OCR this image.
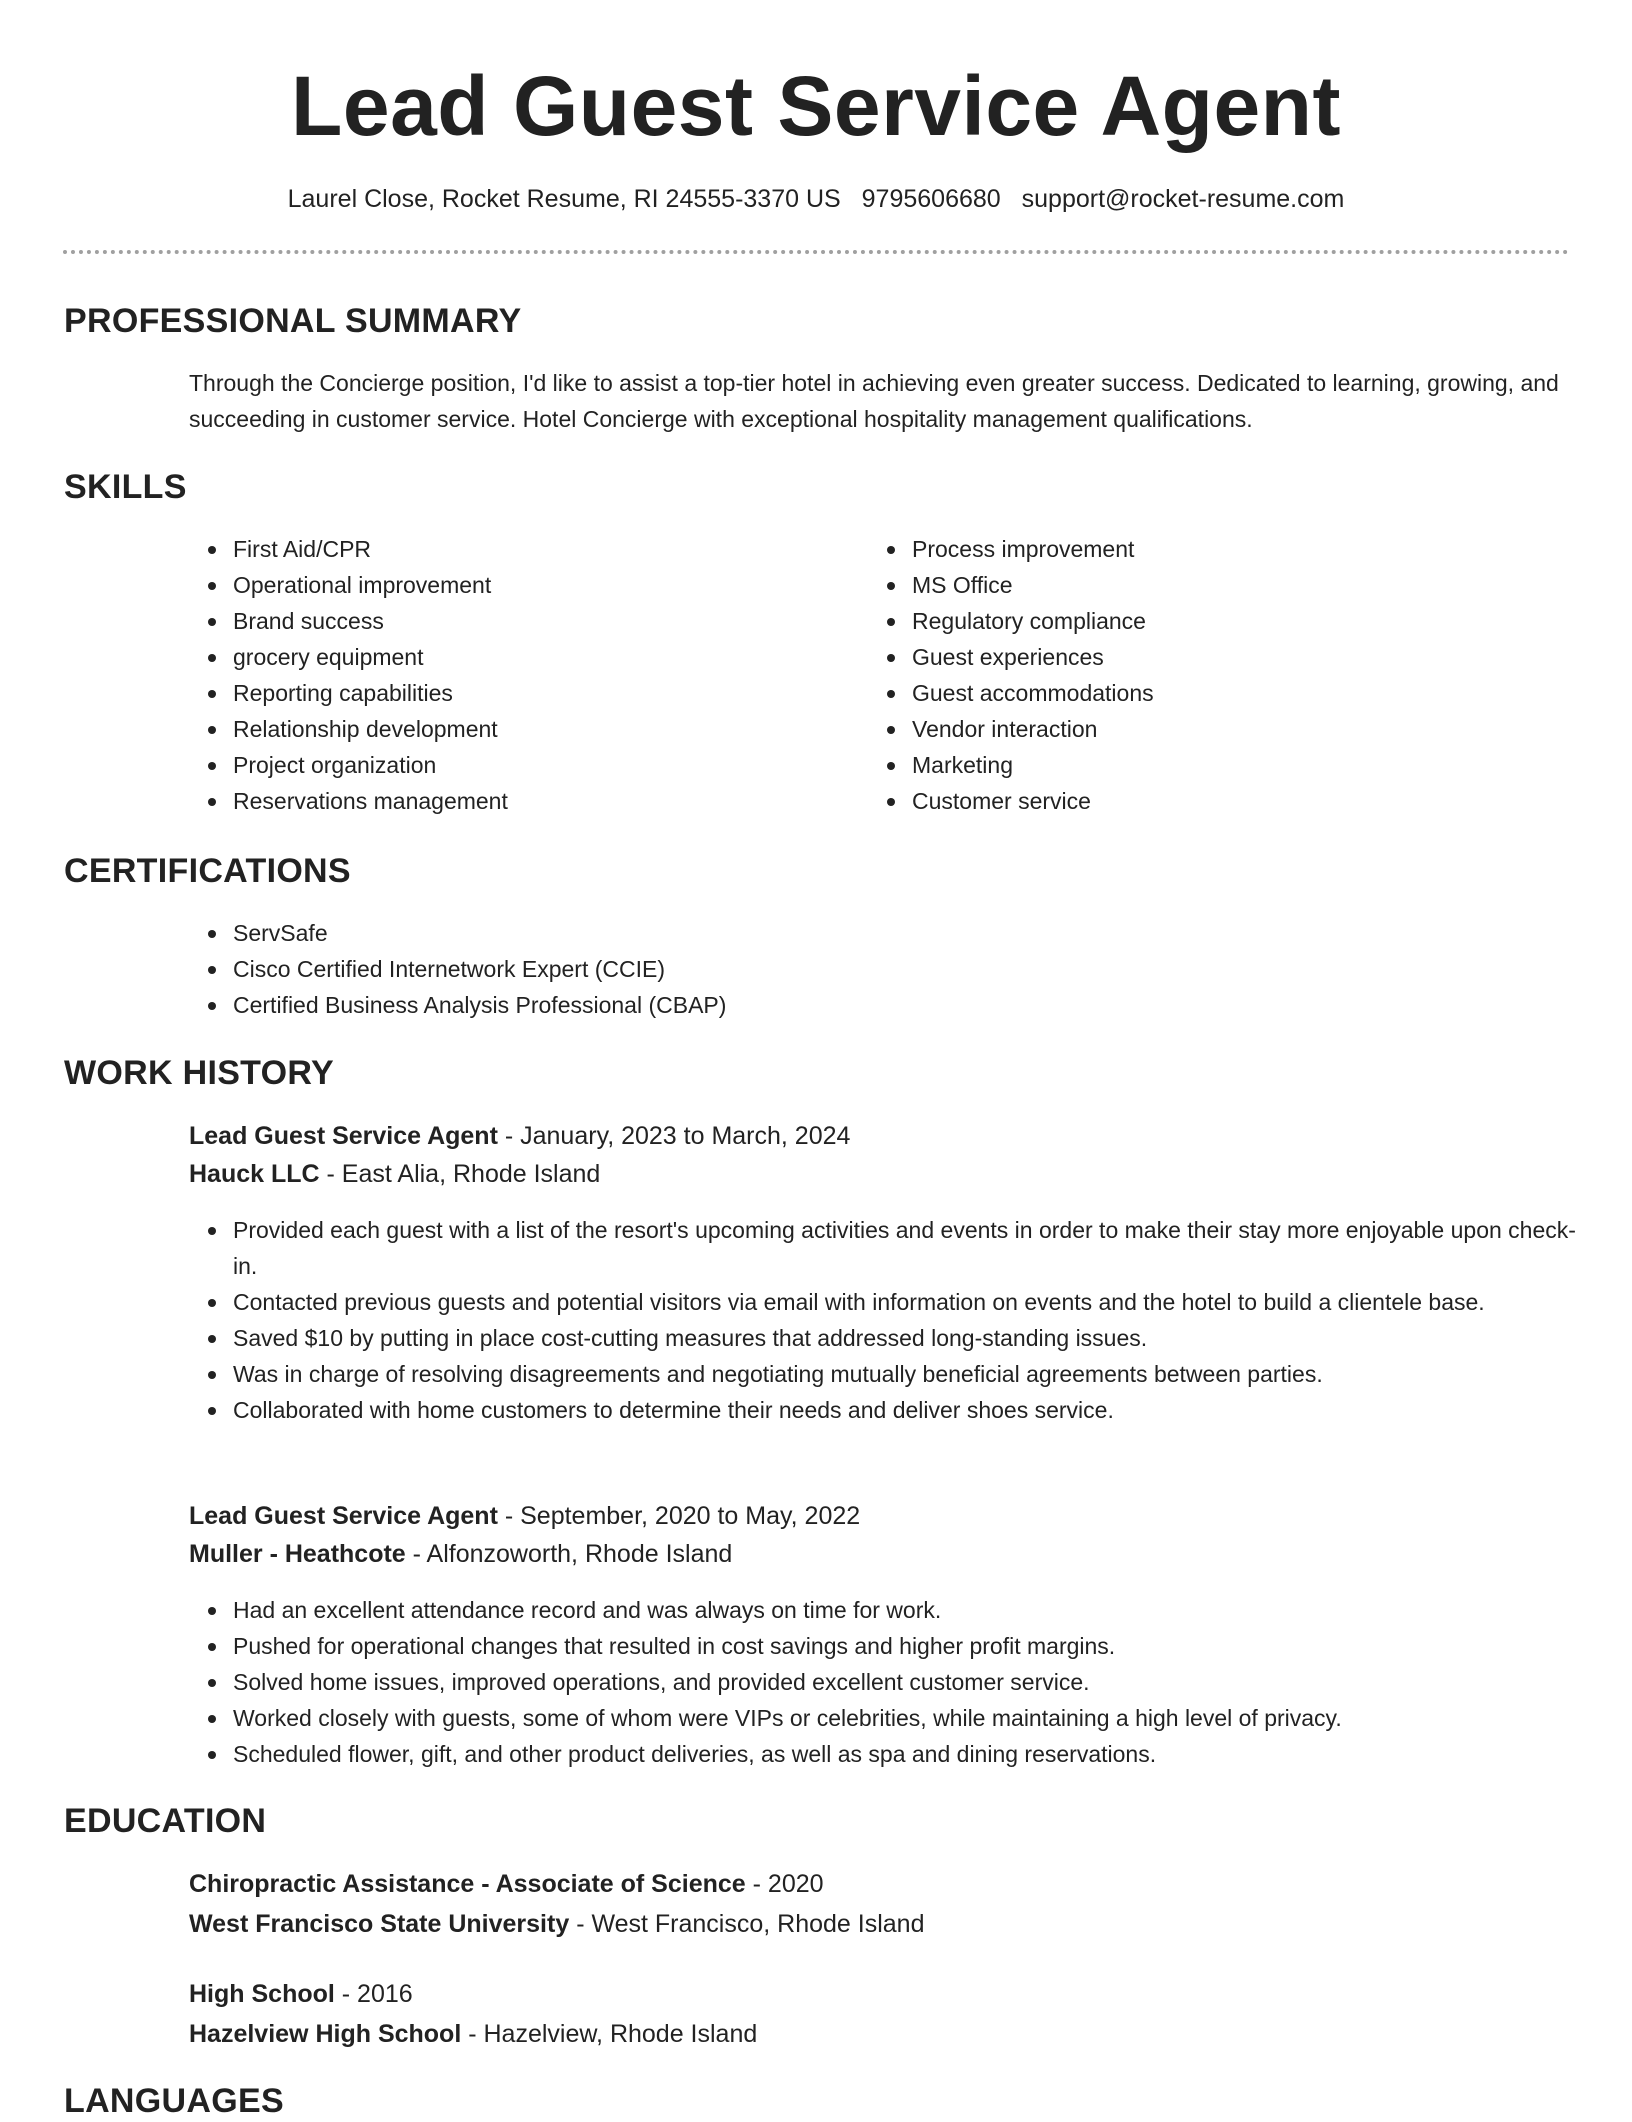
Lead Guest Service Agent
Laurel Close, Rocket Resume, RI 24555-3370 US 9795606680 support@rocket-resume.com
PROFESSIONAL SUMMARY
Through the Concierge position, I'd like to assist a top-tier hotel in achieving even greater success. Dedicated to learning, growing, and succeeding in customer service. Hotel Concierge with exceptional hospitality management qualifications.
SKILLS
First Aid/CPR
Operational improvement
Brand success
grocery equipment
Reporting capabilities
Relationship development
Project organization
Reservations management
Process improvement
MS Office
Regulatory compliance
Guest experiences
Guest accommodations
Vendor interaction
Marketing
Customer service
CERTIFICATIONS
ServSafe
Cisco Certified Internetwork Expert (CCIE)
Certified Business Analysis Professional (CBAP)
WORK HISTORY
Lead Guest Service Agent - January, 2023 to March, 2024
Hauck LLC - East Alia, Rhode Island
Provided each guest with a list of the resort's upcoming activities and events in order to make their stay more enjoyable upon check-in.
Contacted previous guests and potential visitors via email with information on events and the hotel to build a clientele base.
Saved $10 by putting in place cost-cutting measures that addressed long-standing issues.
Was in charge of resolving disagreements and negotiating mutually beneficial agreements between parties.
Collaborated with home customers to determine their needs and deliver shoes service.
Lead Guest Service Agent - September, 2020 to May, 2022
Muller - Heathcote - Alfonzoworth, Rhode Island
Had an excellent attendance record and was always on time for work.
Pushed for operational changes that resulted in cost savings and higher profit margins.
Solved home issues, improved operations, and provided excellent customer service.
Worked closely with guests, some of whom were VIPs or celebrities, while maintaining a high level of privacy.
Scheduled flower, gift, and other product deliveries, as well as spa and dining reservations.
EDUCATION
Chiropractic Assistance - Associate of Science - 2020
West Francisco State University - West Francisco, Rhode Island
High School - 2016
Hazelview High School - Hazelview, Rhode Island
LANGUAGES
